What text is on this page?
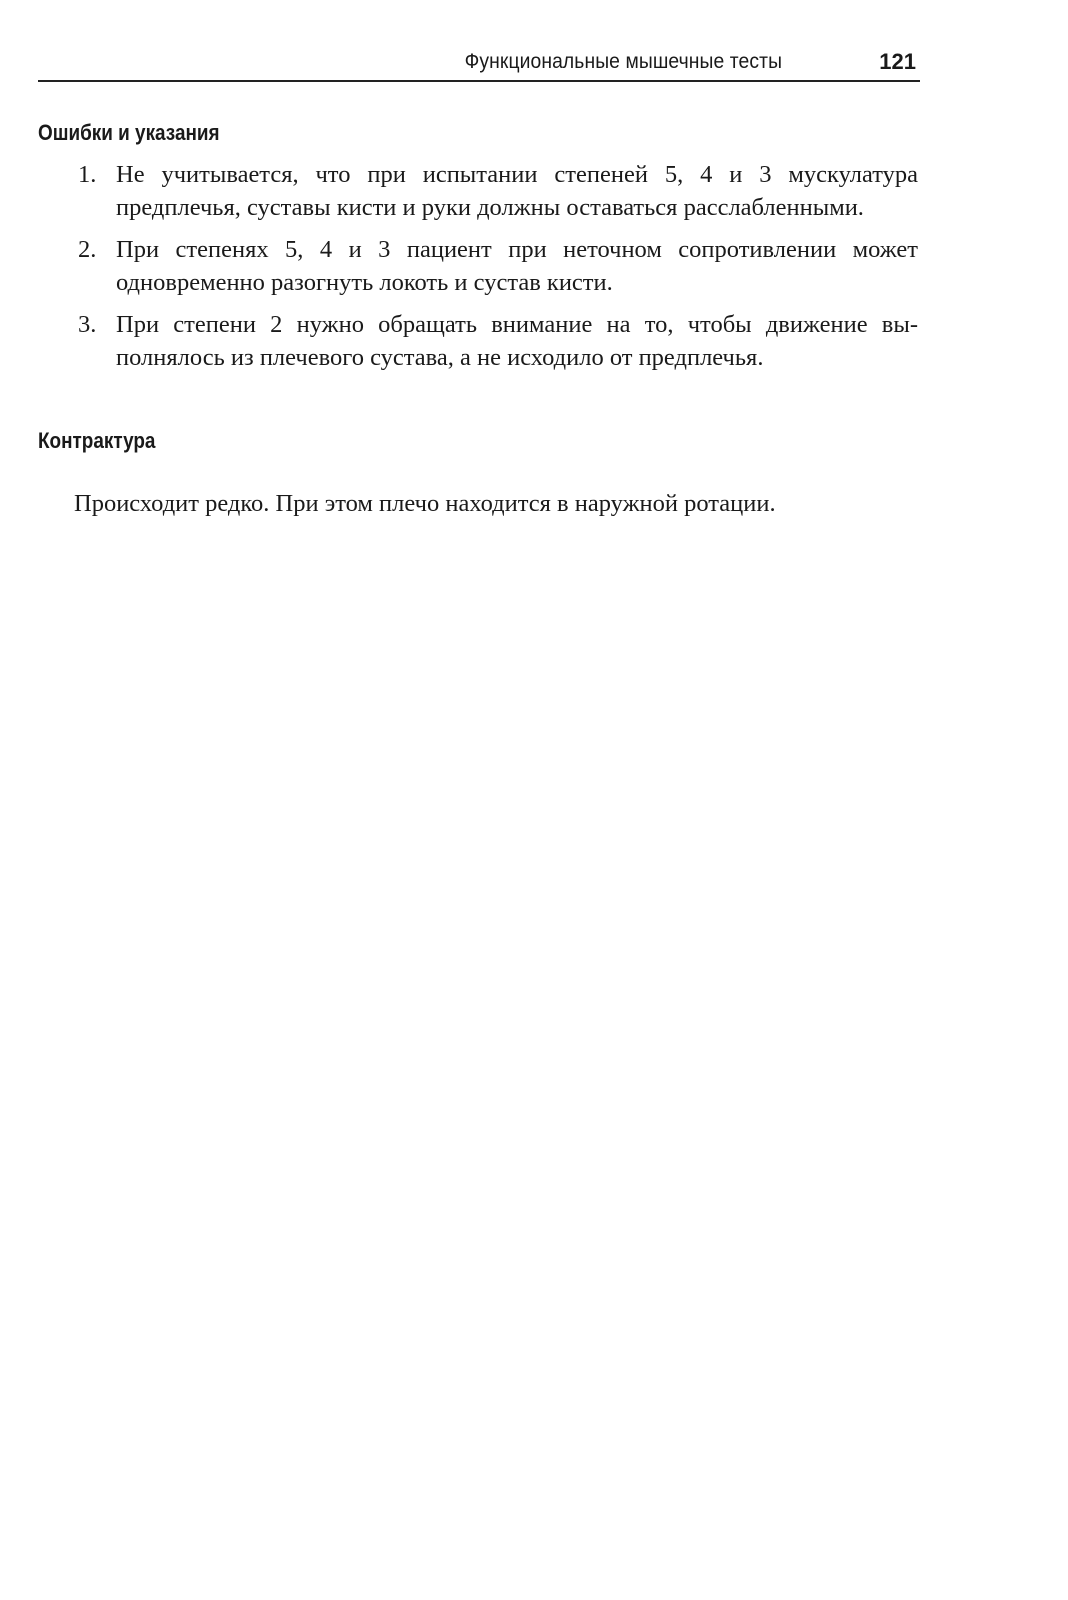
Функциональные мышечные тесты	121
Ошибки и указания
1. Не учитывается, что при испытании степеней 5, 4 и 3 мускулатура предплечья, суставы кисти и руки должны оставаться расслабленными.
2. При степенях 5, 4 и 3 пациент при неточном сопротивлении может одновременно разогнуть локоть и сустав кисти.
3. При степени 2 нужно обращать внимание на то, чтобы движение выполнялось из плечевого сустава, а не исходило от предплечья.
Контрактура

Происходит редко. При этом плечо находится в наружной ротации.
